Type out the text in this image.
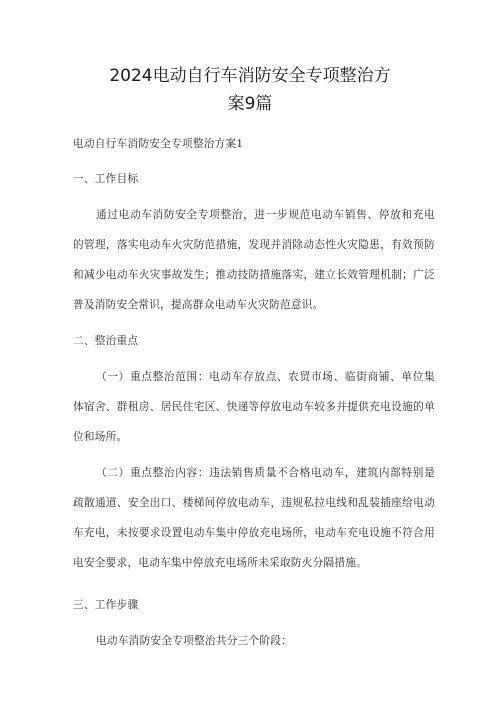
2024电动自行车消防安全专项整治方
案9篇
电动自行车消防安全专项整治方案1
一、工作目标
通过电动车消防安全专项整治，进一步规范电动车销售、停放和充电
的管理，落实电动车火灾防范措施，发现并消除动态性火灾隐患，有效预防
和减少电动车火灾事故发生；推动技防措施落实，建立长效管理机制；广泛
普及消防安全常识，提高群众电动车火灾防范意识。
二、整治重点
（一）重点整治范围：电动车存放点、农贸市场、临街商铺、单位集
体宿舍、群租房、居民住宅区、快递等停放电动车较多并提供充电设施的单
位和场所。
（二）重点整治内容：违法销售质量不合格电动车，建筑内部特别是
疏散通道、安全出口、楼梯间停放电动车，违规私拉电线和乱装插座给电动
车充电，未按要求设置电动车集中停放充电场所，电动车充电设施不符合用
电安全要求，电动车集中停放充电场所未采取防火分隔措施。
三、工作步骤
电动车消防安全专项整治共分三个阶段：
